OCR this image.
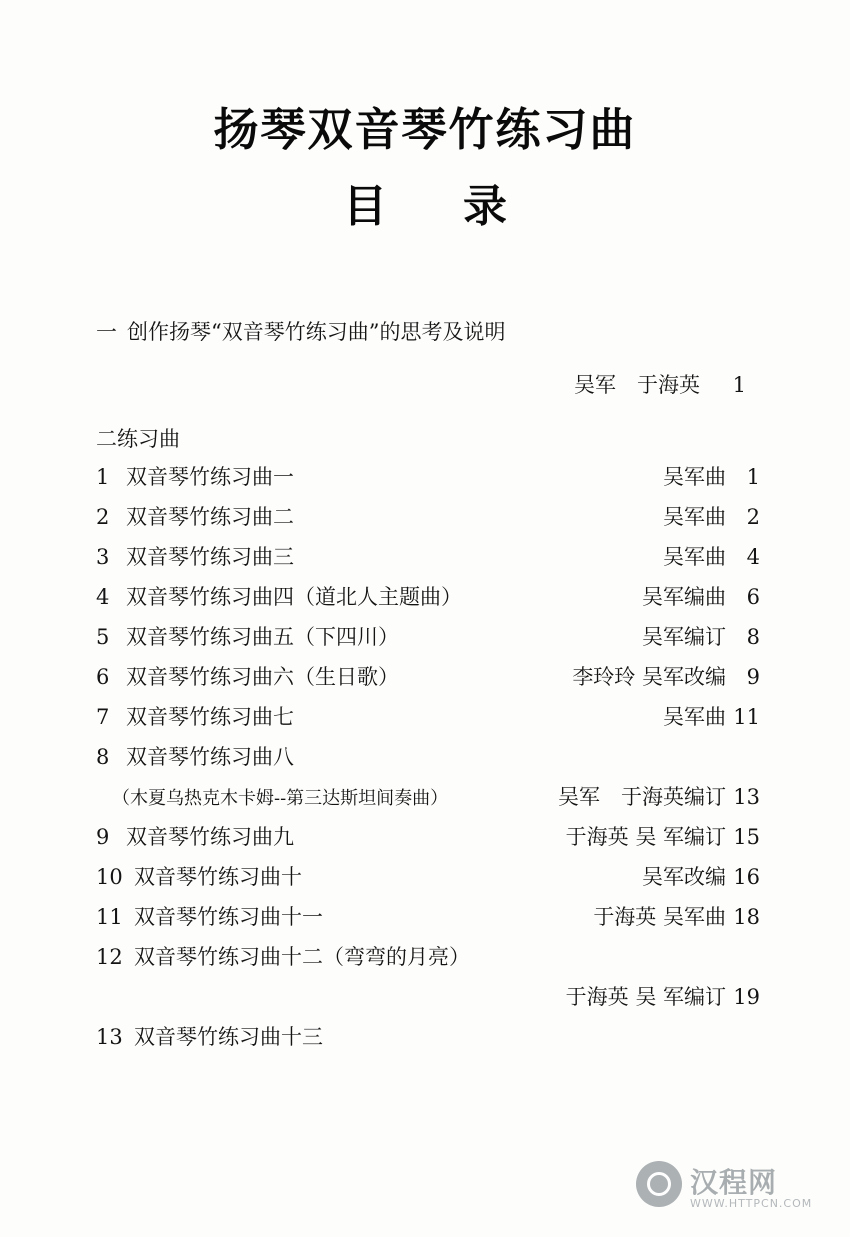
扬琴双音琴竹练习曲
目　录
一 创作扬琴“双音琴竹练习曲”的思考及说明
吴军　于海英 1
二练习曲
1 双音琴竹练习曲一	吴军曲 1
2 双音琴竹练习曲二	吴军曲 2
3 双音琴竹练习曲三	吴军曲 4
4 双音琴竹练习曲四（道北人主题曲）	吴军编曲 6
5 双音琴竹练习曲五（下四川）	吴军编订 8
6 双音琴竹练习曲六（生日歌）	李玲玲 吴军改编 9
7 双音琴竹练习曲七	吴军曲 11
8 双音琴竹练习曲八
（木夏乌热克木卡姆--第三达斯坦间奏曲）	吴军　于海英编订 13
9 双音琴竹练习曲九	于海英 吴 军编订 15
10 双音琴竹练习曲十	吴军改编 16
11 双音琴竹练习曲十一	于海英 吴军曲 18
12 双音琴竹练习曲十二（弯弯的月亮）
于海英 吴 军编订 19
13 双音琴竹练习曲十三
汉程网
WWW.HTTPCN.COM
